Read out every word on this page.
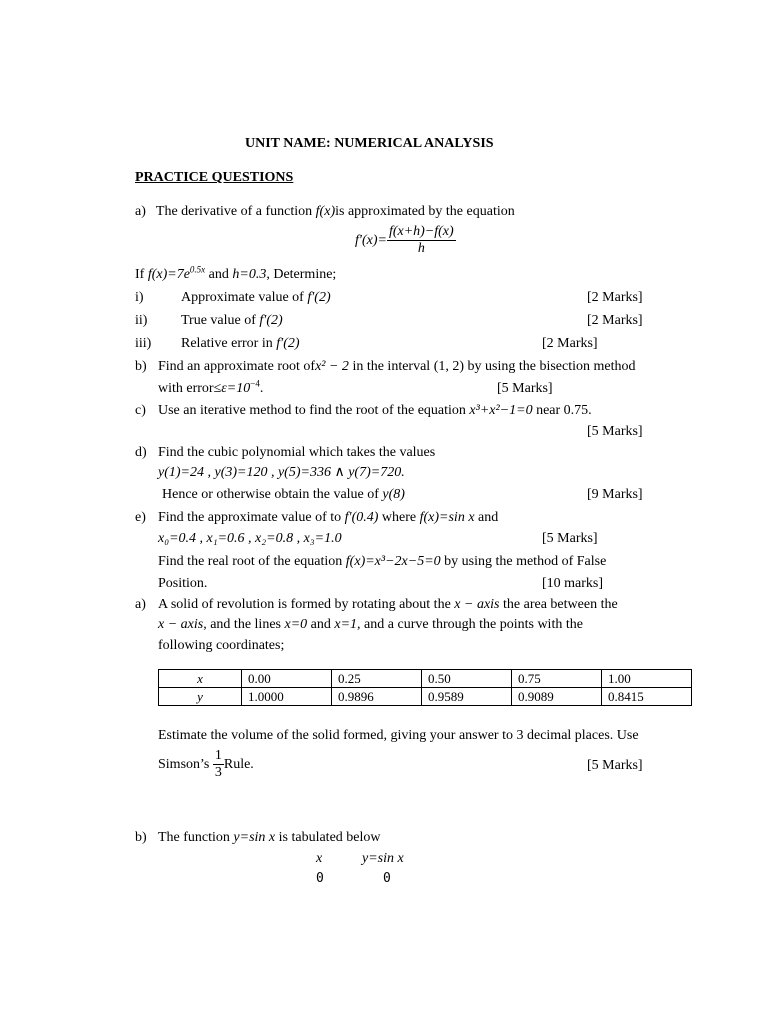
UNIT NAME: NUMERICAL ANALYSIS
PRACTICE QUESTIONS
a) The derivative of a function f(x)is approximated by the equation
$f'(x)= \frac{f(x+h)-f(x)}{h}$
If $f(x)=7e^{0.5x}$ and h=0.3, Determine;
i)	Approximate value of f′(2)	[2 Marks]
ii) True value of f′(2)	[2 Marks]
iii) Relative error in f′(2)	[2 Marks]
b) Find an approximate root ofx² − 2 in the interval (1, 2) by using the bisection method
with $error\le\varepsilon=10^{-4}$.	[5 Marks]
c) Use an iterative method to find the root of the equation x³+x²−1=0 near 0.75.
[5 Marks]
d) Find the cubic polynomial which takes the values
y(1)=24 , y(3)=120 , y(5)=336 ∧ y(7)=720.
Hence or otherwise obtain the value of y(8)	[9 Marks]
e) Find the approximate value of to f′(0.4) where f(x)=sin x and
x₀=0.4 , x₁=0.6 , x₂=0.8 , x₃=1.0	[5 Marks]
Find the real root of the equation f(x)=x³−2x−5=0 by using the method of False
Position.	[10 marks]
a) A solid of revolution is formed by rotating about the x − axis the area between the
x − axis, and the lines x=0 and x=1, and a curve through the points with the
following coordinates;
x	0.00	0.25	0.50	0.75	1.00
y	1.0000	0.9896	0.9589	0.9089	0.8415
Estimate the volume of the solid formed, giving your answer to 3 decimal places. Use
Simson’s $\frac{1}{3}$ Rule.	[5 Marks]
b) The function y=sin x is tabulated below
x	y=sin x
0	0
